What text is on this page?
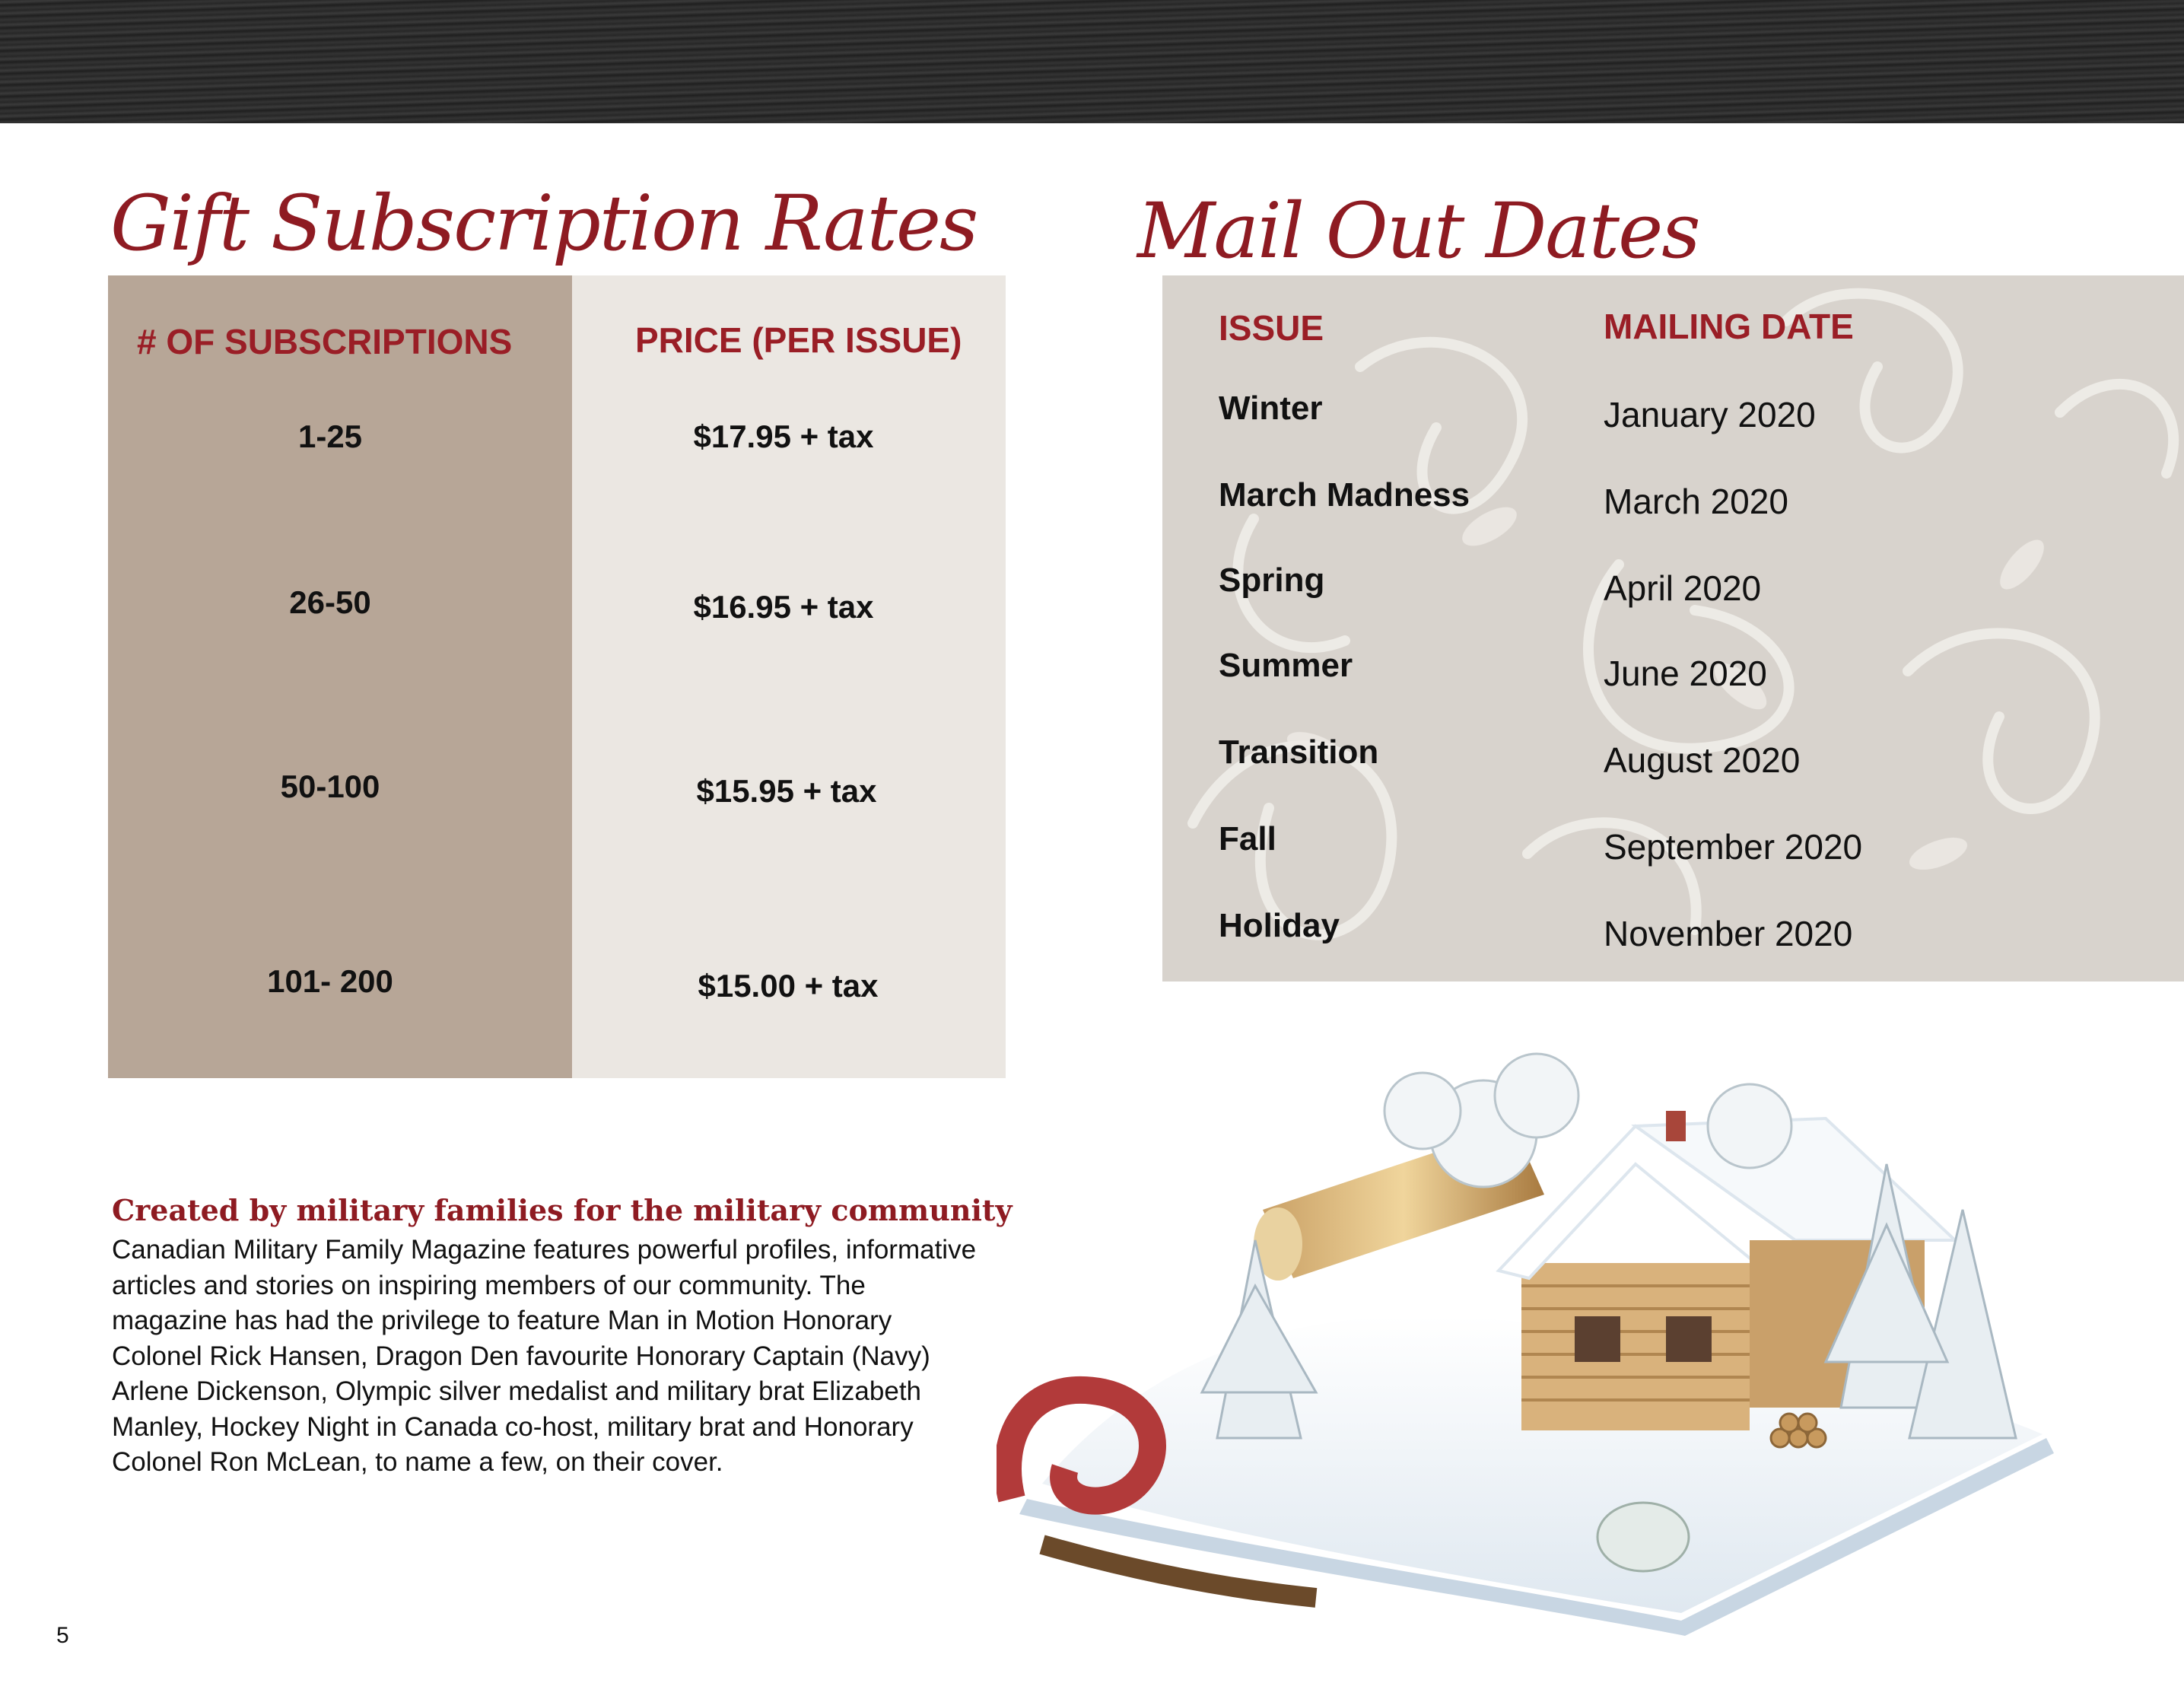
Gift Subscription Rates Mail Out Dates
# OF SUBSCRIPTIONS	PRICE (PER ISSUE)
1-25	$17.95 + tax
26-50	$16.95 + tax
50-100	$15.95 + tax
101- 200	$15.00 + tax
ISSUE	MAILING DATE
Winter	January 2020
March Madness	March 2020
Spring	April 2020
Summer	June 2020
Transition	August 2020
Fall	September 2020
Holiday	November 2020
Created by military families for the military community
Canadian Military Family Magazine features powerful profiles, informative articles and stories on inspiring members of our community. The magazine has had the privilege to feature Man in Motion Honorary Colonel Rick Hansen, Dragon Den favourite Honorary Captain (Navy) Arlene Dickenson, Olympic silver medalist and military brat Elizabeth Manley, Hockey Night in Canada co-host, military brat and Honorary Colonel Ron McLean, to name a few, on their cover.
5
